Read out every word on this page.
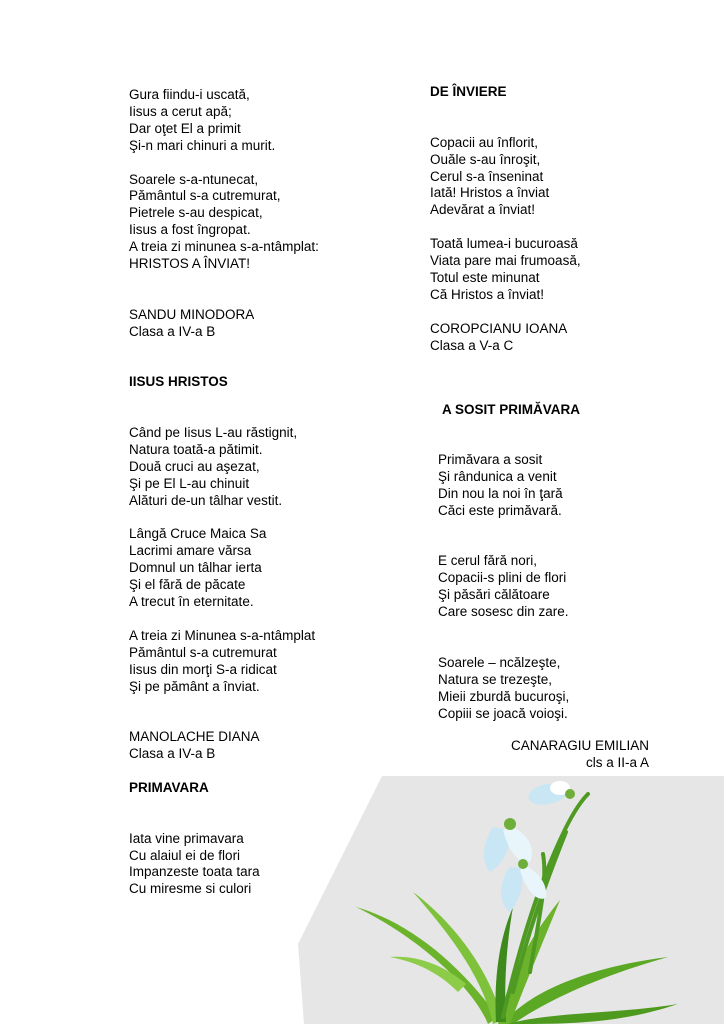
Gura fiindu-i uscată,
Iisus a cerut apă;
Dar oţet El a primit
Şi-n mari chinuri a murit.
Soarele s-a-ntunecat,
Pământul s-a cutremurat,
Pietrele s-au despicat,
Iisus a fost îngropat.
A treia zi minunea s-a-ntâmplat:
HRISTOS A ÎNVIAT!
SANDU MINODORA
Clasa a IV-a B
IISUS HRISTOS
Când pe Iisus L-au răstignit,
Natura toată-a pătimit.
Două cruci au aşezat,
Şi pe El L-au chinuit
Alături de-un tâlhar vestit.
Lângă Cruce Maica Sa
Lacrimi amare vărsa
Domnul un tâlhar ierta
Şi el fără de păcate
A trecut în eternitate.
A treia zi Minunea s-a-ntâmplat
Pământul s-a cutremurat
Iisus din morţi S-a ridicat
Şi pe pământ a înviat.
MANOLACHE DIANA
Clasa a IV-a B
PRIMAVARA
Iata vine primavara
Cu alaiul ei de flori
Impanzeste toata tara
Cu miresme si culori
DE ÎNVIERE
Copacii au înflorit,
Ouăle s-au înroşit,
Cerul s-a înseninat
Iată! Hristos a înviat
Adevărat a înviat!
Toată lumea-i bucuroasă
Viata pare mai frumoasă,
Totul este minunat
Că Hristos a înviat!
COROPCIANU IOANA
Clasa a V-a C
A SOSIT PRIMĂVARA
Primăvara a sosit
Şi rândunica a venit
Din nou la noi în ţară
Căci este primăvară.
E cerul fără nori,
Copacii-s plini de flori
Şi păsări călătoare
Care sosesc din zare.
Soarele – ncălzeşte,
Natura se trezeşte,
Mieii zburdă bucuroşi,
Copiii se joacă voioşi.
CANARAGIU EMILIAN
cls a II-a A
